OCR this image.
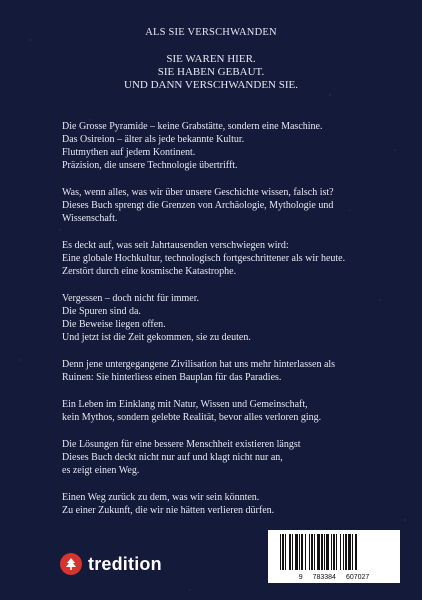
ALS SIE VERSCHWANDEN
SIE WAREN HIER.
SIE HABEN GEBAUT.
UND DANN VERSCHWANDEN SIE.
Die Grosse Pyramide – keine Grabstätte, sondern eine Maschine.
Das Osireion – älter als jede bekannte Kultur.
Flutmythen auf jedem Kontinent.
Präzision, die unsere Technologie übertrifft.
Was, wenn alles, was wir über unsere Geschichte wissen, falsch ist?
Dieses Buch sprengt die Grenzen von Archäologie, Mythologie und
Wissenschaft.
Es deckt auf, was seit Jahrtausenden verschwiegen wird:
Eine globale Hochkultur, technologisch fortgeschrittener als wir heute.
Zerstört durch eine kosmische Katastrophe.
Vergessen – doch nicht für immer.
Die Spuren sind da.
Die Beweise liegen offen.
Und jetzt ist die Zeit gekommen, sie zu deuten.
Denn jene untergegangene Zivilisation hat uns mehr hinterlassen als
Ruinen: Sie hinterliess einen Bauplan für das Paradies.
Ein Leben im Einklang mit Natur, Wissen und Gemeinschaft,
kein Mythos, sondern gelebte Realität, bevor alles verloren ging.
Die Lösungen für eine bessere Menschheit existieren längst
Dieses Buch deckt nicht nur auf und klagt nicht nur an,
es zeigt einen Weg.
Einen Weg zurück zu dem, was wir sein könnten.
Zu einer Zukunft, die wir nie hätten verlieren dürfen.
tredition
9 783384 607027
